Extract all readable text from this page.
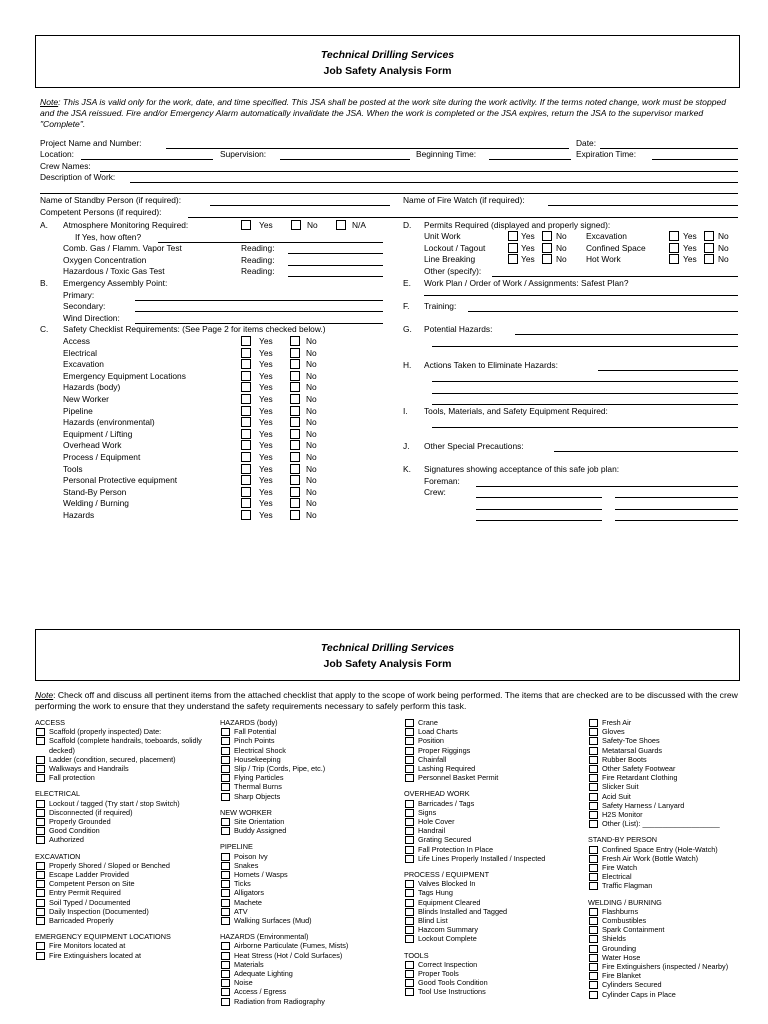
Technical Drilling Services
Job Safety Analysis Form
Note: This JSA is valid only for the work, date, and time specified. This JSA shall be posted at the work site during the work activity. If the terms noted change, work must be stopped and the JSA reissued. Fire and/or Emergency Alarm automatically invalidate the JSA. When the work is completed or the JSA expires, return the JSA to the supervisor marked "Complete".
Project Name and Number:	Date:
Location:	Supervision:	Beginning Time:	Expiration Time:
Crew Names:
Description of Work:
Name of Standby Person (if required):	Name of Fire Watch (if required):
Competent Persons (if required):
A. Atmosphere Monitoring Required:	Yes	No	N/A
If Yes, how often?
Comb. Gas / Flamm. Vapor Test	Reading:
Oxygen Concentration	Reading:
Hazardous / Toxic Gas Test	Reading:
B. Emergency Assembly Point:
Primary:
Secondary:
Wind Direction:
C. Safety Checklist Requirements: (See Page 2 for items checked below.)
Access	Yes	No
Electrical	Yes	No
Excavation	Yes	No
Emergency Equipment Locations	Yes	No
Hazards (body)	Yes	No
New Worker	Yes	No
Pipeline	Yes	No
Hazards (environmental)	Yes	No
Equipment / Lifting	Yes	No
Overhead Work	Yes	No
Process / Equipment	Yes	No
Tools	Yes	No
Personal Protective equipment	Yes	No
Stand-By Person	Yes	No
Welding / Burning	Yes	No
Hazards	Yes	No
D. Permits Required (displayed and properly signed):
Unit Work	Yes	No Excavation	Yes	No
Lockout / Tagout	Yes	No Confined Space	Yes	No
Line Breaking	Yes	No Hot Work	Yes	No
Other (specify):
E. Work Plan / Order of Work / Assignments: Safest Plan?
F. Training:
G. Potential Hazards:
H. Actions Taken to Eliminate Hazards:
I. Tools, Materials, and Safety Equipment Required:
J. Other Special Precautions:
K. Signatures showing acceptance of this safe job plan:
Foreman:
Crew:
Technical Drilling Services
Job Safety Analysis Form
Note: Check off and discuss all pertinent items from the attached checklist that apply to the scope of work being performed. The items that are checked are to be discussed with the crew performing the work to ensure that they understand the safety requirements necessary to safely perform this task.
ACCESS
Scaffold (properly inspected) Date:
Scaffold (complete handrails, toeboards, solidly decked)
Ladder (condition, secured, placement)
Walkways and Handrails
Fall protection
ELECTRICAL
Lockout / tagged (Try start / stop Switch)
Disconnected (if required)
Properly Grounded
Good Condition
Authorized
EXCAVATION
Properly Shored / Sloped or Benched
Escape Ladder Provided
Competent Person on Site
Entry Permit Required
Soil Typed / Documented
Daily Inspection (Documented)
Barricaded Properly
EMERGENCY EQUIPMENT LOCATIONS
Fire Monitors located at
Fire Extinguishers located at
HAZARDS (body)
Fall Potential
Pinch Points
Electrical Shock
Housekeeping
Slip / Trip (Cords, Pipe, etc.)
Flying Particles
Thermal Burns
Sharp Objects
NEW WORKER
Site Orientation
Buddy Assigned
PIPELINE
Poison Ivy
Snakes
Hornets / Wasps
Ticks
Alligators
Machete
ATV
Walking Surfaces (Mud)
HAZARDS (Environmental)
Airborne Particulate (Fumes, Mists)
Heat Stress (Hot / Cold Surfaces)
Materials
Adequate Lighting
Noise
Access / Egress
Radiation from Radiography
Crane
Load Charts
Position
Proper Riggings
Chainfall
Lashing Required
Personnel Basket Permit
OVERHEAD WORK
Barricades / Tags
Signs
Hole Cover
Handrail
Grating Secured
Fall Protection In Place
Life Lines Properly Installed / Inspected
PROCESS / EQUIPMENT
Valves Blocked In
Tags Hung
Equipment Cleared
Blinds Installed and Tagged
Blind List
Hazcom Summary
Lockout Complete
TOOLS
Correct Inspection
Proper Tools
Good Tools Condition
Tool Use Instructions
Fresh Air
Gloves
Safety-Toe Shoes
Metatarsal Guards
Rubber Boots
Other Safety Footwear
Fire Retardant Clothing
Slicker Suit
Acid Suit
Safety Harness / Lanyard
H2S Monitor
Other (List): ___________________
STAND-BY PERSON
Confined Space Entry (Hole-Watch)
Fresh Air Work (Bottle Watch)
Fire Watch
Electrical
Traffic Flagman
WELDING / BURNING
Flashburns
Combustibles
Spark Containment
Shields
Grounding
Water Hose
Fire Extinguishers (inspected / Nearby)
Fire Blanket
Cylinders Secured
Cylinder Caps in Place
